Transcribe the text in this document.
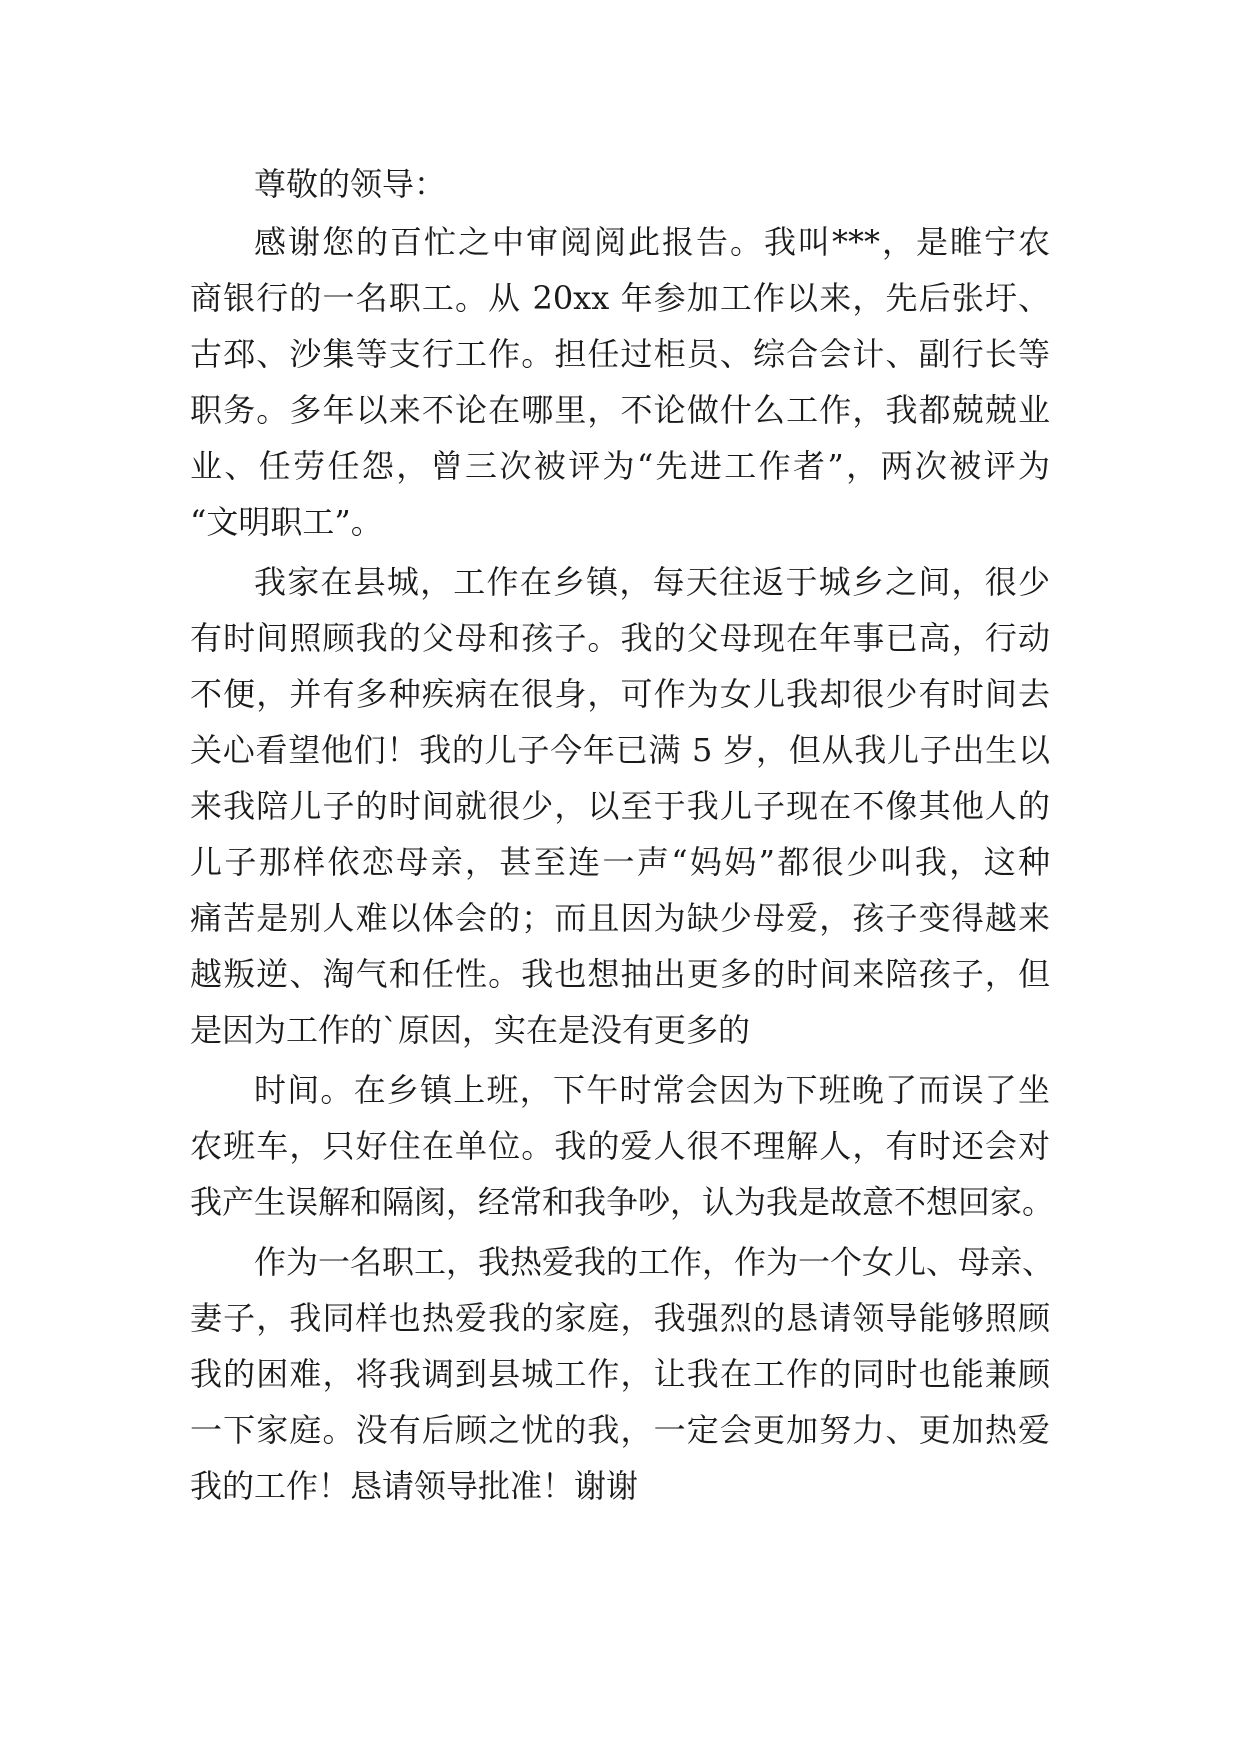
尊敬的领导：

感谢您的百忙之中审阅阅此报告。我叫***，是睢宁农

商银行的一名职工。从 20xx 年参加工作以来，先后张圩、

古邳、沙集等支行工作。担任过柜员、综合会计、副行长等

职务。多年以来不论在哪里，不论做什么工作，我都兢兢业

业、任劳任怨，曾三次被评为“先进工作者”，两次被评为

“文明职工”。

我家在县城，工作在乡镇，每天往返于城乡之间，很少

有时间照顾我的父母和孩子。我的父母现在年事已高，行动

不便，并有多种疾病在很身，可作为女儿我却很少有时间去

关心看望他们！我的儿子今年已满 5 岁，但从我儿子出生以

来我陪儿子的时间就很少，以至于我儿子现在不像其他人的

儿子那样依恋母亲，甚至连一声“妈妈”都很少叫我，这种

痛苦是别人难以体会的；而且因为缺少母爱，孩子变得越来

越叛逆、淘气和任性。我也想抽出更多的时间来陪孩子，但

是因为工作的`原因，实在是没有更多的

时间。在乡镇上班，下午时常会因为下班晚了而误了坐

农班车，只好住在单位。我的爱人很不理解人，有时还会对

我产生误解和隔阂，经常和我争吵，认为我是故意不想回家。

作为一名职工，我热爱我的工作，作为一个女儿、母亲、

妻子，我同样也热爱我的家庭，我强烈的恳请领导能够照顾

我的困难，将我调到县城工作，让我在工作的同时也能兼顾

一下家庭。没有后顾之忧的我，一定会更加努力、更加热爱

我的工作！恳请领导批准！谢谢
